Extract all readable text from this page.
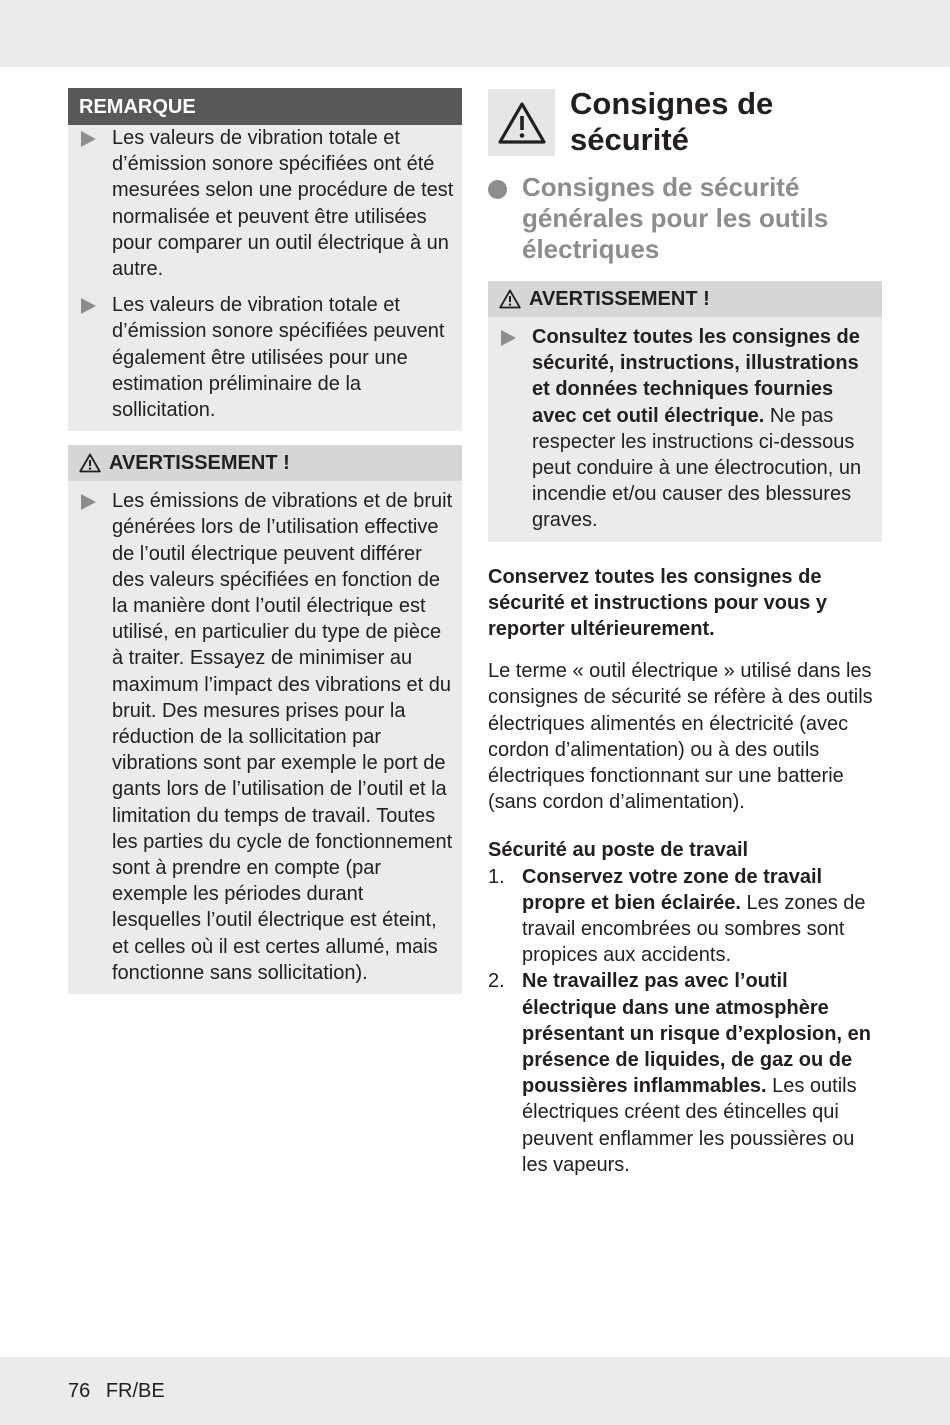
REMARQUE
Les valeurs de vibration totale et d’émission sonore spécifiées ont été mesurées selon une procédure de test normalisée et peuvent être utilisées pour comparer un outil électrique à un autre.
Les valeurs de vibration totale et d’émission sonore spécifiées peuvent également être utilisées pour une estimation préliminaire de la sollicitation.
AVERTISSEMENT !
Les émissions de vibrations et de bruit générées lors de l’utilisation effective de l’outil électrique peuvent différer des valeurs spécifiées en fonction de la manière dont l’outil électrique est utilisé, en particulier du type de pièce à traiter. Essayez de minimiser au maximum l’impact des vibrations et du bruit. Des mesures prises pour la réduction de la sollicitation par vibrations sont par exemple le port de gants lors de l’utilisation de l’outil et la limitation du temps de travail. Toutes les parties du cycle de fonctionnement sont à prendre en compte (par exemple les périodes durant lesquelles l’outil électrique est éteint, et celles où il est certes allumé, mais fonctionne sans sollicitation).
Consignes de sécurité
Consignes de sécurité générales pour les outils électriques
AVERTISSEMENT !
Consultez toutes les consignes de sécurité, instructions, illustrations et données techniques fournies avec cet outil électrique. Ne pas respecter les instructions ci-dessous peut conduire à une électrocution, un incendie et/ou causer des blessures graves.
Conservez toutes les consignes de sécurité et instructions pour vous y reporter ultérieurement.
Le terme « outil électrique » utilisé dans les consignes de sécurité se réfère à des outils électriques alimentés en électricité (avec cordon d’alimentation) ou à des outils électriques fonctionnant sur une batterie (sans cordon d’alimentation).
Sécurité au poste de travail
1. Conservez votre zone de travail propre et bien éclairée. Les zones de travail encombrées ou sombres sont propices aux accidents.
2. Ne travaillez pas avec l’outil électrique dans une atmosphère présentant un risque d’explosion, en présence de liquides, de gaz ou de poussières inflammables. Les outils électriques créent des étincelles qui peuvent enflammer les poussières ou les vapeurs.
76 FR/BE
